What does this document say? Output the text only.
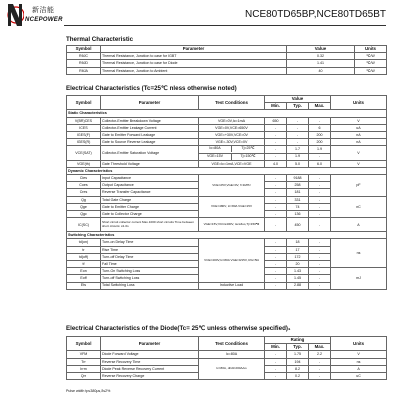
新洁能
NCEPOWER	NCE80TD65BP,NCE80TD65BT
Thermal Characteristic
Symbol	Parameter	Value	Units
RθJC	Thermal Resistance, Junction to case for IGBT	0.32	℃/W
RθJD	Thermal Resistance, Junction to case for Diode	1.41	℃/W
RθJA	Thermal Resistance, Junction to Ambient	40	℃/W
Electrical Characteristics (Tc=25℃ nless otherwise noted)
Symbol	Parameter	Test Conditions	Value			Units
			Min.	Typ.	Max.	
Static Characteristics						
V(BR)CES	Collector-Emitter Breakdown Voltage	VGE=0V,Ic=1mA	650	-	-	V
ICES	Collector-Emitter Leakage Current	VGE=0V,VCE=650V	-	-	6	uA
IGES(F)	Gate to Emitter Forward Leakage	VGE=+30V,VCE=0V	-	-	200	nA
IGES(R)	Gate to Source Reverse Leakage	VGE=-30V,VCE=0V	-	-	200	nA
VCE(SAT)	Collector-Emitter Saturation Voltage	Ic=80A Tj=25℃	-	1.7	1.9	V

		VGE=15V Tj=150℃	-	1.9	-	
VGE(th)	Gate Threshold Voltage	VGE=Ic=1mA,VCE=VGE	4.0	5.0	6.0	V
Dynamic Characteristics						
Cies	Input Capacitance	VCE=25V,VGE=0V, f=1MHz	-	9188	-	pF
Coes	Output Capacitance		-	258	-	
Cres	Reverse Transfer Capacitance		-	181	-	
Qg	Total Gate Charge	VCE=480V, Ic=80A VGE=15V	-	331	-	nC
Qge	Gate to Emitter Charge		-	74	-	
Qgc	Gate to Collector Charge		-	136	-	
IC(SC)	Short circuit collector current Max.1000 short circuits Time between short circuits: ≥1.0s	VGE=15V,VCC≤400V, tsc≤3us,Tj=150℃	-	450	-	A
Switching Characteristics						
td(on)	Turn-on Delay Time	VCE=400V,Ic=80A VGE=0/15V, RG=5Ω	-	18	-	ns
tr	Rise Time		-	17	-	
td(off)	Turn-off Delay Time		-	172	-	
tf	Fall Time		-	20	-	
Eon	Turn-On Switching Loss		-	1.43	-	mJ
Eoff	Turn-off Switching Loss		-	1.45	-	
Ets	Total Switching Loss	Inductive Load	-	2.88	-	
Electrical Characteristics of the Diode(Tc= 25℃ unless otherwise specified)₁
Symbol	Parameter	Test Conditions	Rating			Units
			Min.	Typ.	Max.	
VFM	Diode Forward Voltage	Ic=80A	-	1.75	2.2	V
Trr	Reverse Recovery Time	Ic=80A, di/dt=200A/us	-	194	-	ns
Irrm	Diode Peak Reverse Recovery Current		-	8.2	-	A
Qrr	Reverse Recovery Charge		-	0.2	-	uC
Pulse width tp≤380μs,δ≤2%
